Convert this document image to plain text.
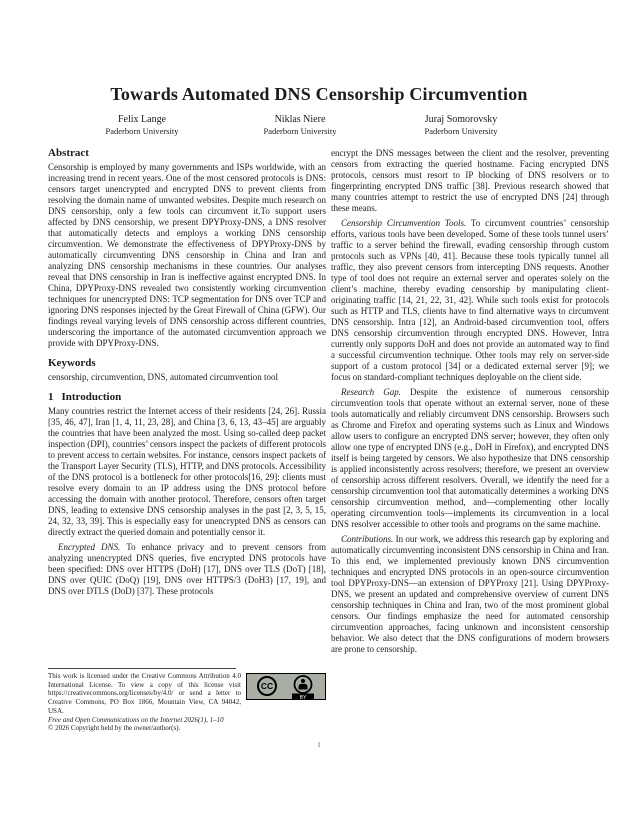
Towards Automated DNS Censorship Circumvention
Felix Lange
Paderborn University
Niklas Niere
Paderborn University
Juraj Somorovsky
Paderborn University
Abstract

Censorship is employed by many governments and ISPs worldwide, with an increasing trend in recent years. One of the most censored protocols is DNS: censors target unencrypted and encrypted DNS to prevent clients from resolving the domain name of unwanted websites. Despite much research on DNS censorship, only a few tools can circumvent it.To support users affected by DNS censorship, we present DPYProxy-DNS, a DNS resolver that automatically detects and employs a working DNS censorship circumvention. We demonstrate the effectiveness of DPYProxy-DNS by automatically circumventing DNS censorship in China and Iran and analyzing DNS censorship mechanisms in these countries. Our analyses reveal that DNS censorship in Iran is ineffective against encrypted DNS. In China, DPYProxy-DNS revealed two consistently working circumvention techniques for unencrypted DNS: TCP segmentation for DNS over TCP and ignoring DNS responses injected by the Great Firewall of China (GFW). Our findings reveal varying levels of DNS censorship across different countries, underscoring the importance of the automated circumvention approach we provide with DPYProxy-DNS.

Keywords

censorship, circumvention, DNS, automated circumvention tool

1 Introduction

Many countries restrict the Internet access of their residents [24, 26]. Russia [35, 46, 47], Iran [1, 4, 11, 23, 28], and China [3, 6, 13, 43–45] are arguably the countries that have been analyzed the most. Using so-called deep packet inspection (DPI), countries’ censors inspect the packets of different protocols to prevent access to certain websites. For instance, censors inspect packets of the Transport Layer Security (TLS), HTTP, and DNS protocols. Accessibility of the DNS protocol is a bottleneck for other protocols[16, 29]: clients must resolve every domain to an IP address using the DNS protocol before accessing the domain with another protocol. Therefore, censors often target DNS, leading to extensive DNS censorship analyses in the past [2, 3, 5, 15, 24, 32, 33, 39]. This is especially easy for unencrypted DNS as censors can directly extract the queried domain and potentially censor it.

Encrypted DNS. To enhance privacy and to prevent censors from analyzing unencrypted DNS queries, five encrypted DNS protocols have been specified: DNS over HTTPS (DoH) [17], DNS over TLS (DoT) [18], DNS over QUIC (DoQ) [19], DNS over HTTPS/3 (DoH3) [17, 19], and DNS over DTLS (DoD) [37]. These protocols

encrypt the DNS messages between the client and the resolver, preventing censors from extracting the queried hostname. Facing encrypted DNS protocols, censors must resort to IP blocking of DNS resolvers or to fingerprinting encrypted DNS traffic [38]. Previous research showed that many countries attempt to restrict the use of encrypted DNS [24] through these means.

Censorship Circumvention Tools. To circumvent countries’ censorship efforts, various tools have been developed. Some of these tools tunnel users’ traffic to a server behind the firewall, evading censorship through custom protocols such as VPNs [40, 41]. Because these tools typically tunnel all traffic, they also prevent censors from intercepting DNS requests. Another type of tool does not require an external server and operates solely on the client’s machine, thereby evading censorship by manipulating client-originating traffic [14, 21, 22, 31, 42]. While such tools exist for protocols such as HTTP and TLS, clients have to find alternative ways to circumvent DNS censorship. Intra [12], an Android-based circumvention tool, offers DNS censorship circumvention through encrypted DNS. However, Intra currently only supports DoH and does not provide an automated way to find a successful circumvention technique. Other tools may rely on server-side support of a custom protocol [34] or a dedicated external server [9]; we focus on standard-compliant techniques deployable on the client side.

Research Gap. Despite the existence of numerous censorship circumvention tools that operate without an external server, none of these tools automatically and reliably circumvent DNS censorship. Browsers such as Chrome and Firefox and operating systems such as Linux and Windows allow users to configure an encrypted DNS server; however, they often only allow one type of encrypted DNS (e.g., DoH in Firefox), and encrypted DNS itself is being targeted by censors. We also hypothesize that DNS censorship is applied inconsistently across resolvers; therefore, we present an overview of censorship across different resolvers. Overall, we identify the need for a censorship circumvention tool that automatically determines a working DNS censorship circumvention method, and—complementing other locally operating circumvention tools—implements its circumvention in a local DNS resolver accessible to other tools and programs on the same machine.

Contributions. In our work, we address this research gap by exploring and automatically circumventing inconsistent DNS censorship in China and Iran. To this end, we implemented previously known DNS circumvention techniques and encrypted DNS protocols in an open-source circumvention tool DPYProxy-DNS—an extension of DPYProxy [21]. Using DPYProxy-DNS, we present an updated and comprehensive overview of current DNS censorship techniques in China and Iran, two of the most prominent global censors. Our findings emphasize the need for automated censorship circumvention approaches, facing unknown and inconsistent censorship behavior. We also detect that the DNS configurations of modern browsers are prone to censorship.

CC
BY
This work is licensed under the Creative Commons Attribution 4.0 International License. To view a copy of this license visit https://creativecommons.org/licenses/by/4.0/ or send a letter to Creative Commons, PO Box 1866, Mountain View, CA 94042, USA.
Free and Open Communications on the Internet 2026(1), 1–10
© 2026 Copyright held by the owner/author(s).
1
